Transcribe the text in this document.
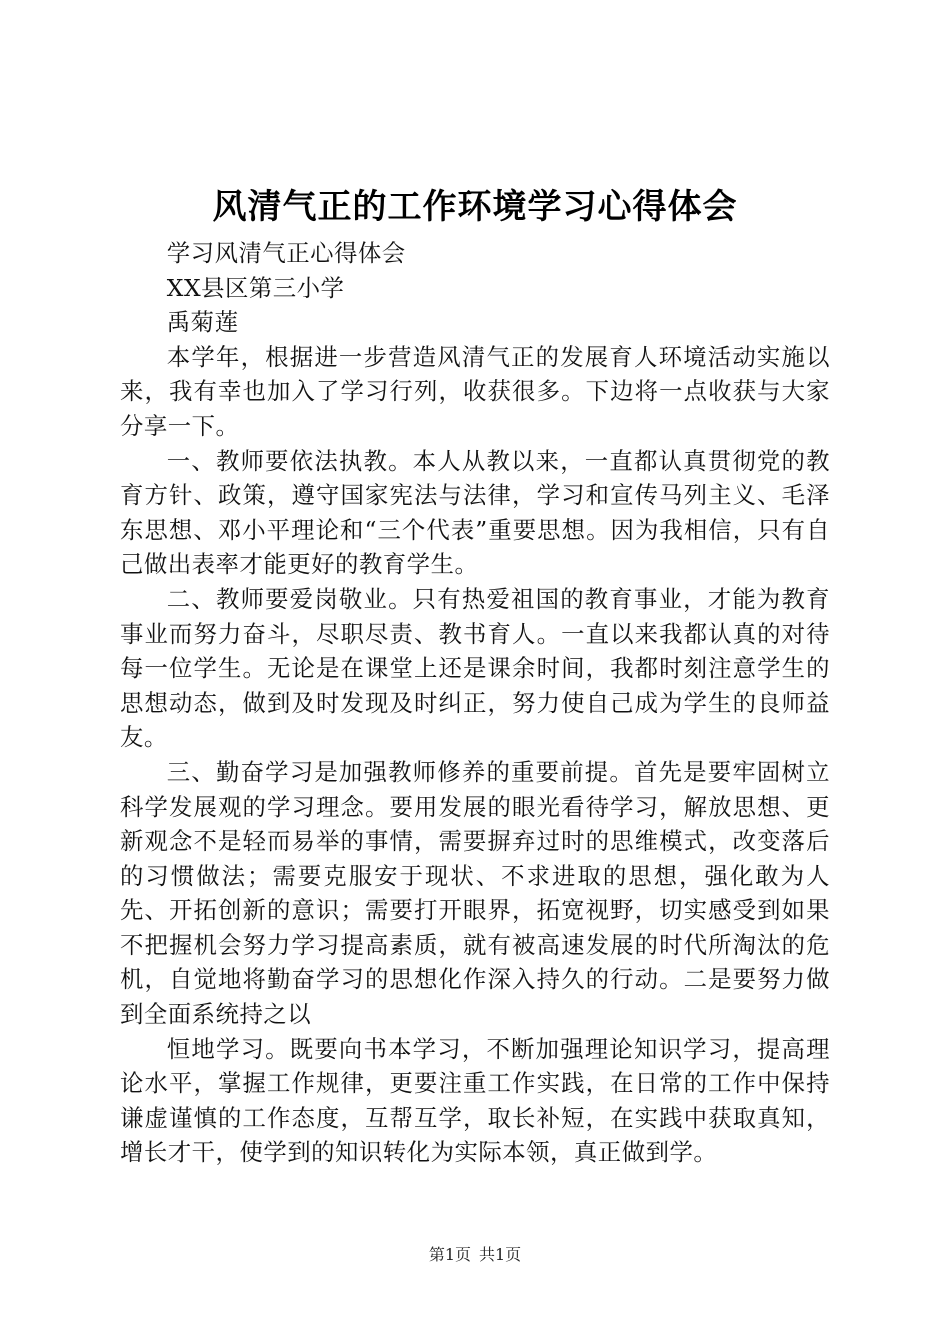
风清气正的工作环境学习心得体会

学习风清气正心得体会

XX县区第三小学

禹菊莲

本学年，根据进一步营造风清气正的发展育人环境活动实施以来，我有幸也加入了学习行列，收获很多。下边将一点收获与大家分享一下。

一、教师要依法执教。本人从教以来，一直都认真贯彻党的教育方针、政策，遵守国家宪法与法律，学习和宣传马列主义、毛泽东思想、邓小平理论和“三个代表”重要思想。因为我相信，只有自己做出表率才能更好的教育学生。

二、教师要爱岗敬业。只有热爱祖国的教育事业，才能为教育事业而努力奋斗，尽职尽责、教书育人。一直以来我都认真的对待每一位学生。无论是在课堂上还是课余时间，我都时刻注意学生的思想动态，做到及时发现及时纠正，努力使自己成为学生的良师益友。

三、勤奋学习是加强教师修养的重要前提。首先是要牢固树立科学发展观的学习理念。要用发展的眼光看待学习，解放思想、更新观念不是轻而易举的事情，需要摒弃过时的思维模式，改变落后的习惯做法；需要克服安于现状、不求进取的思想，强化敢为人先、开拓创新的意识；需要打开眼界，拓宽视野，切实感受到如果不把握机会努力学习提高素质，就有被高速发展的时代所淘汰的危机，自觉地将勤奋学习的思想化作深入持久的行动。二是要努力做到全面系统持之以

恒地学习。既要向书本学习，不断加强理论知识学习，提高理论水平，掌握工作规律，更要注重工作实践，在日常的工作中保持谦虚谨慎的工作态度，互帮互学，取长补短，在实践中获取真知，增长才干，使学到的知识转化为实际本领，真正做到学。

第1页 共1页
